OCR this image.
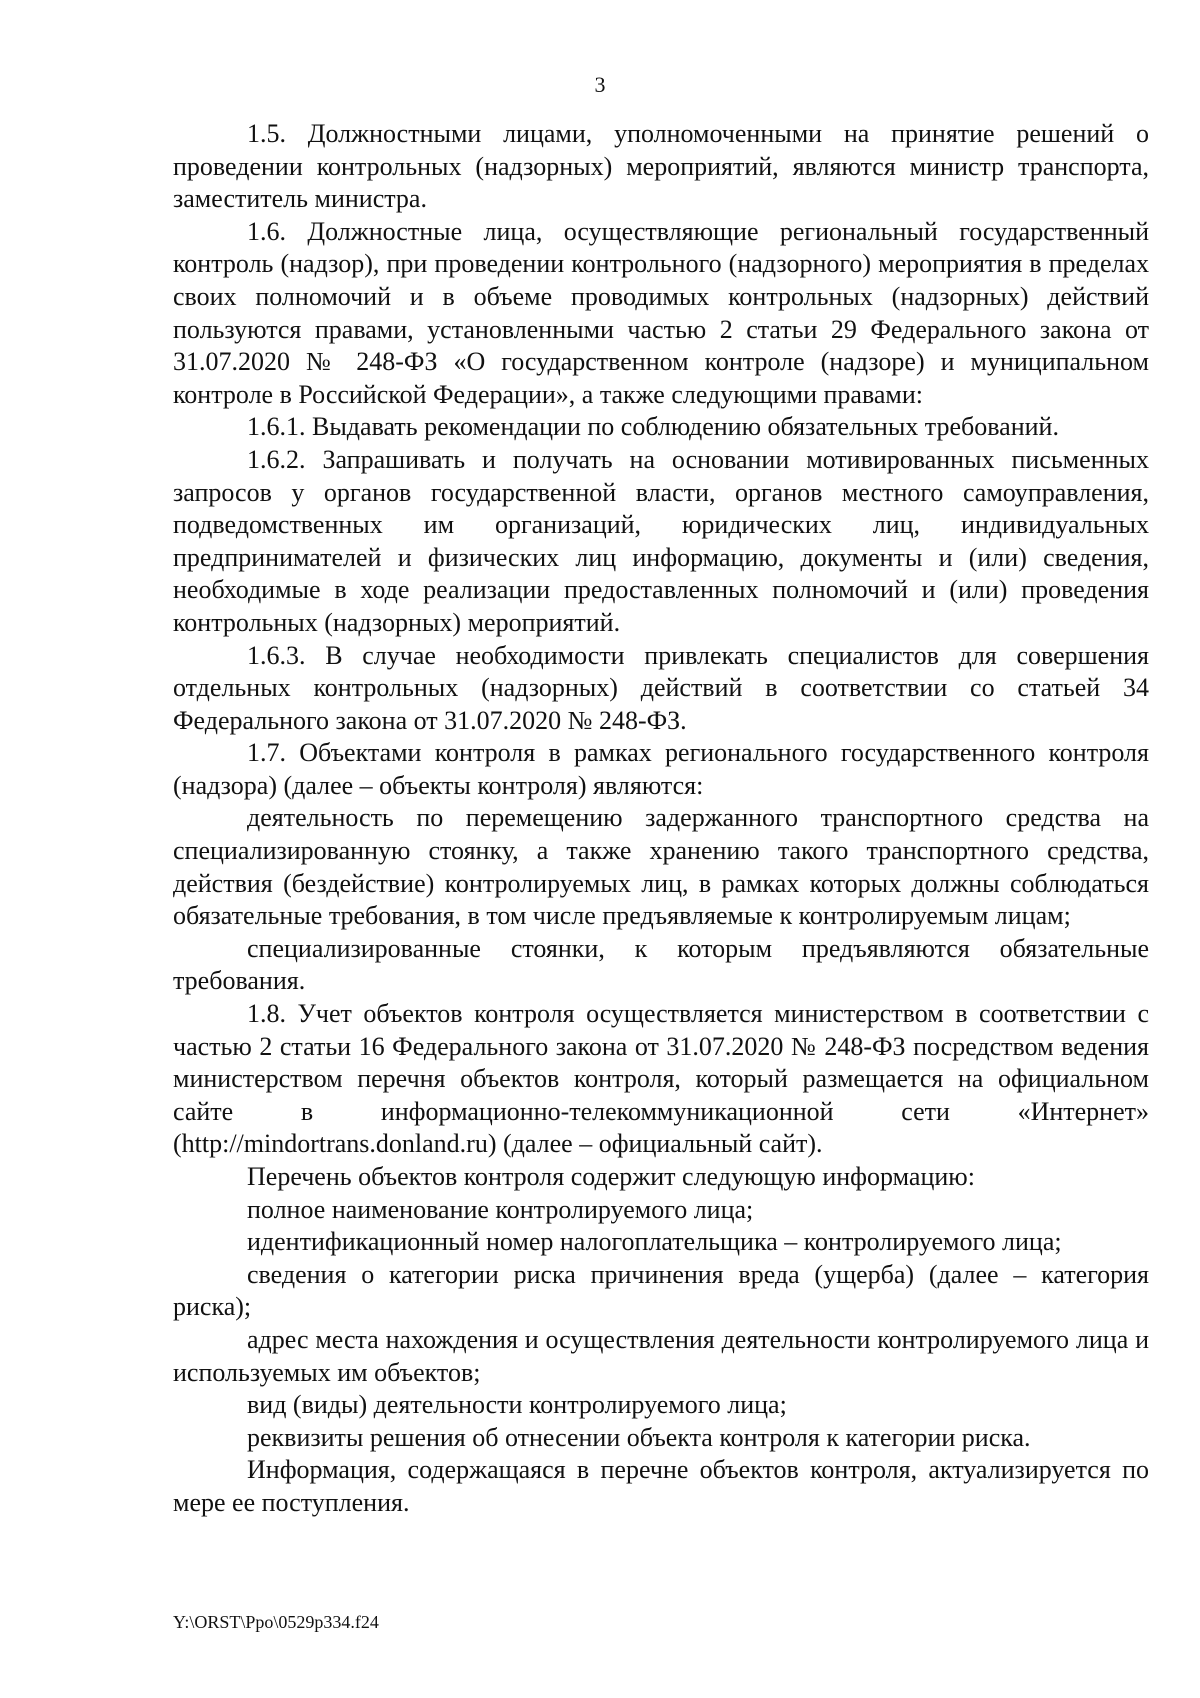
3

1.5. Должностными лицами, уполномоченными на принятие решений о проведении контрольных (надзорных) мероприятий, являются министр транспорта, заместитель министра.

1.6. Должностные лица, осуществляющие региональный государственный контроль (надзор), при проведении контрольного (надзорного) мероприятия в пределах своих полномочий и в объеме проводимых контрольных (надзорных) действий пользуются правами, установленными частью 2 статьи 29 Федерального закона от 31.07.2020 № 248-ФЗ «О государственном контроле (надзоре) и муниципальном контроле в Российской Федерации», а также следующими правами:

1.6.1. Выдавать рекомендации по соблюдению обязательных требований.

1.6.2. Запрашивать и получать на основании мотивированных письменных запросов у органов государственной власти, органов местного самоуправления, подведомственных им организаций, юридических лиц, индивидуальных предпринимателей и физических лиц информацию, документы и (или) сведения, необходимые в ходе реализации предоставленных полномочий и (или) проведения контрольных (надзорных) мероприятий.

1.6.3. В случае необходимости привлекать специалистов для совершения отдельных контрольных (надзорных) действий в соответствии со статьей 34 Федерального закона от 31.07.2020 № 248-ФЗ.

1.7. Объектами контроля в рамках регионального государственного контроля (надзора) (далее – объекты контроля) являются:

деятельность по перемещению задержанного транспортного средства на специализированную стоянку, а также хранению такого транспортного средства, действия (бездействие) контролируемых лиц, в рамках которых должны соблюдаться обязательные требования, в том числе предъявляемые к контролируемым лицам;

специализированные стоянки, к которым предъявляются обязательные требования.

1.8. Учет объектов контроля осуществляется министерством в соответствии с частью 2 статьи 16 Федерального закона от 31.07.2020 № 248-ФЗ посредством ведения министерством перечня объектов контроля, который размещается на официальном сайте в информационно-телекоммуникационной сети «Интернет» (http://mindortrans.donland.ru) (далее – официальный сайт).

Перечень объектов контроля содержит следующую информацию:

полное наименование контролируемого лица;

идентификационный номер налогоплательщика – контролируемого лица;

сведения о категории риска причинения вреда (ущерба) (далее – категория риска);

адрес места нахождения и осуществления деятельности контролируемого лица и используемых им объектов;

вид (виды) деятельности контролируемого лица;

реквизиты решения об отнесении объекта контроля к категории риска.

Информация, содержащаяся в перечне объектов контроля, актуализируется по мере ее поступления.

Y:\ORST\Ppo\0529p334.f24
